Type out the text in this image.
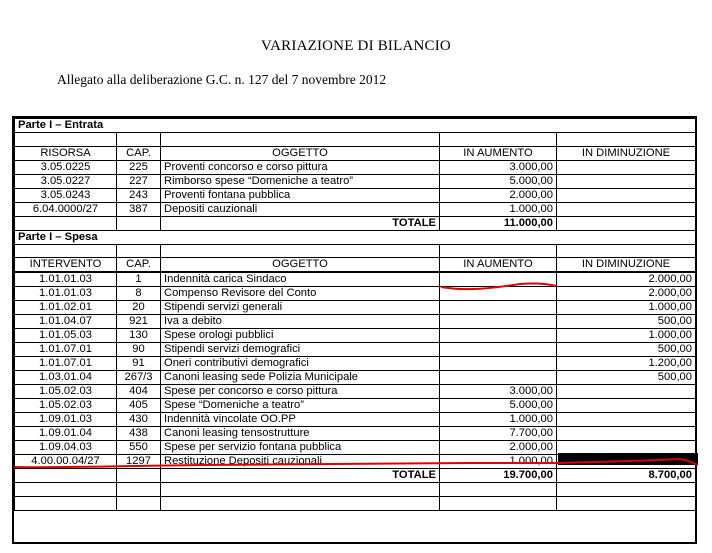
VARIAZIONE DI BILANCIO
Allegato alla deliberazione G.C. n. 127 del 7 novembre 2012
Parte I – Entrata				

RISORSA	CAP.	OGGETTO	IN AUMENTO	IN DIMINUZIONE
3.05.0225	225	Proventi concorso e corso pittura	3.000,00	
3.05.0227	227	Rimborso spese “Domeniche a teatro”	5.000,00	
3.05.0243	243	Proventi fontana pubblica	2.000,00	
6.04.0000/27	387	Depositi cauzionali	1.000,00	
		TOTALE	11.000,00	
Parte I – Spesa				

INTERVENTO	CAP.	OGGETTO	IN AUMENTO	IN DIMINUZIONE
1.01.01.03	1	Indennità carica Sindaco		2.000,00
1.01.01.03	8	Compenso Revisore del Conto		2.000,00
1.01.02.01	20	Stipendi servizi generali		1.000,00
1.01.04.07	921	Iva a debito		500,00
1.01.05.03	130	Spese orologi pubblici		1.000,00
1.01.07.01	90	Stipendi servizi demografici		500,00
1.01.07.01	91	Oneri contributivi demografici		1.200,00
1.03.01.04	267/3	Canoni leasing sede Polizia Municipale		500,00
1.05.02.03	404	Spese per concorso e corso pittura	3.000,00	
1.05.02.03	405	Spese “Domeniche a teatro”	5.000,00	
1.09.01.03	430	Indennità vincolate OO.PP	1.000,00	
1.09.01.04	438	Canoni leasing tensostrutture	7.700,00	
1.09.04.03	550	Spese per servizio fontana pubblica	2.000,00	
4.00.00.04/27	1297	Restituzione Depositi cauzionali	1.000,00	
		TOTALE	19.700,00	8.700,00
